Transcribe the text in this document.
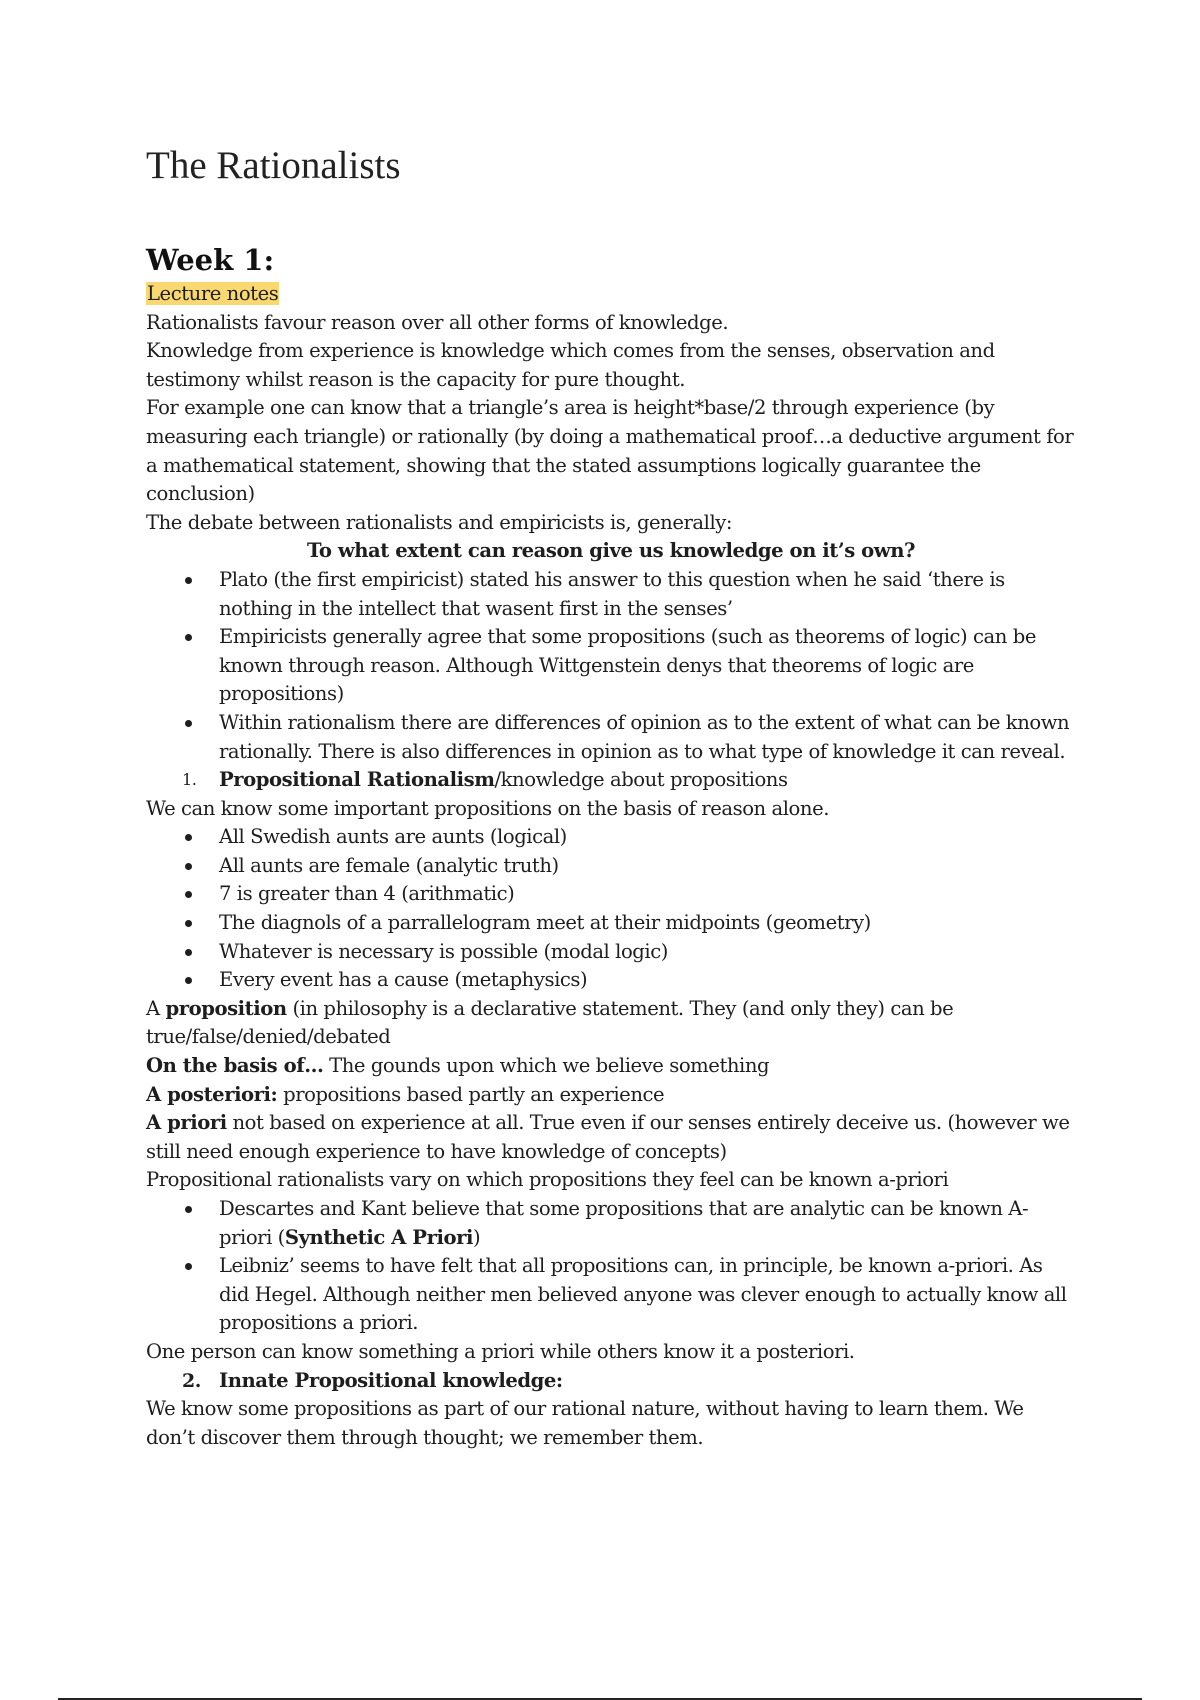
The Rationalists
Week 1:

Lecture notes

Rationalists favour reason over all other forms of knowledge.

Knowledge from experience is knowledge which comes from the senses, observation and testimony whilst reason is the capacity for pure thought.

For example one can know that a triangle’s area is height*base/2 through experience (by measuring each triangle) or rationally (by doing a mathematical proof…a deductive argument for a mathematical statement, showing that the stated assumptions logically guarantee the conclusion)

The debate between rationalists and empiricists is, generally:

To what extent can reason give us knowledge on it’s own?

Plato (the first empiricist) stated his answer to this question when he said ‘there is nothing in the intellect that wasent first in the senses’
Empiricists generally agree that some propositions (such as theorems of logic) can be known through reason. Although Wittgenstein denys that theorems of logic are propositions)
Within rationalism there are differences of opinion as to the extent of what can be known rationally. There is also differences in opinion as to what type of knowledge it can reveal.
1. Propositional Rationalism/knowledge about propositions

We can know some important propositions on the basis of reason alone.

All Swedish aunts are aunts (logical)
All aunts are female (analytic truth)
7 is greater than 4 (arithmatic)
The diagnols of a parrallelogram meet at their midpoints (geometry)
Whatever is necessary is possible (modal logic)
Every event has a cause (metaphysics)

A proposition (in philosophy is a declarative statement. They (and only they) can be true/false/denied/debated

On the basis of… The gounds upon which we believe something

A posteriori: propositions based partly an experience

A priori not based on experience at all. True even if our senses entirely deceive us. (however we still need enough experience to have knowledge of concepts)

Propositional rationalists vary on which propositions they feel can be known a-priori

Descartes and Kant believe that some propositions that are analytic can be known A-priori (Synthetic A Priori)
Leibniz’ seems to have felt that all propositions can, in principle, be known a-priori. As did Hegel. Although neither men believed anyone was clever enough to actually know all propositions a priori.

One person can know something a priori while others know it a posteriori.

2. Innate Propositional knowledge:

We know some propositions as part of our rational nature, without having to learn them. We don’t discover them through thought; we remember them.
